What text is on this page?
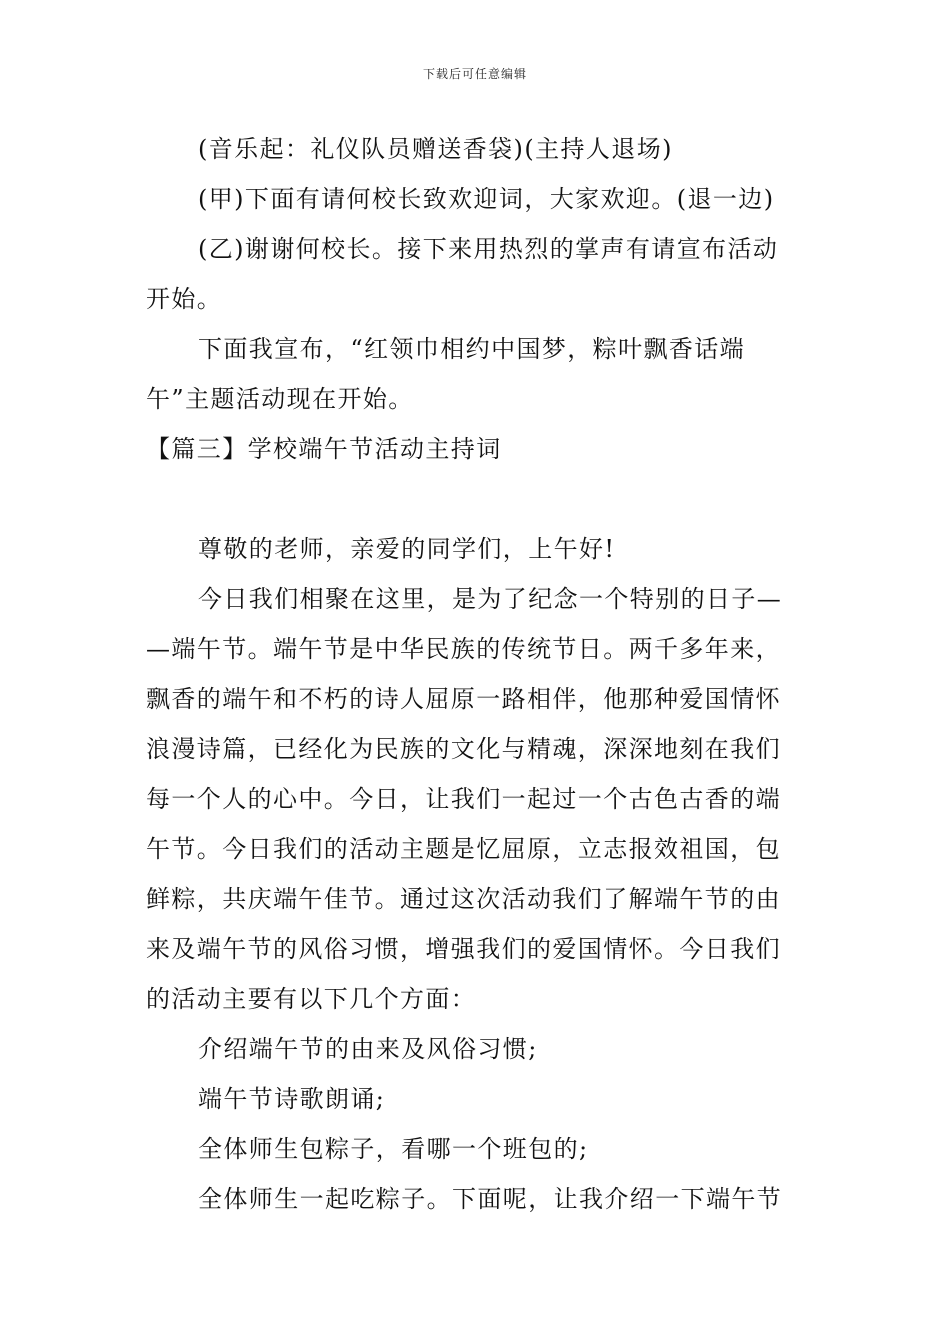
下载后可任意编辑
(音乐起：礼仪队员赠送香袋)(主持人退场)
(甲)下面有请何校长致欢迎词，大家欢迎。(退一边)
(乙)谢谢何校长。接下来用热烈的掌声有请宣布活动
开始。
下面我宣布，“红领巾相约中国梦，粽叶飘香话端
午”主题活动现在开始。
【篇三】学校端午节活动主持词
尊敬的老师，亲爱的同学们，上午好!
今日我们相聚在这里，是为了纪念一个特别的日子—
—端午节。端午节是中华民族的传统节日。两千多年来，
飘香的端午和不朽的诗人屈原一路相伴，他那种爱国情怀
浪漫诗篇，已经化为民族的文化与精魂，深深地刻在我们
每一个人的心中。今日，让我们一起过一个古色古香的端
午节。今日我们的活动主题是忆屈原，立志报效祖国，包
鲜粽，共庆端午佳节。通过这次活动我们了解端午节的由
来及端午节的风俗习惯，增强我们的爱国情怀。今日我们
的活动主要有以下几个方面：
介绍端午节的由来及风俗习惯;
端午节诗歌朗诵;
全体师生包粽子，看哪一个班包的;
全体师生一起吃粽子。下面呢，让我介绍一下端午节
